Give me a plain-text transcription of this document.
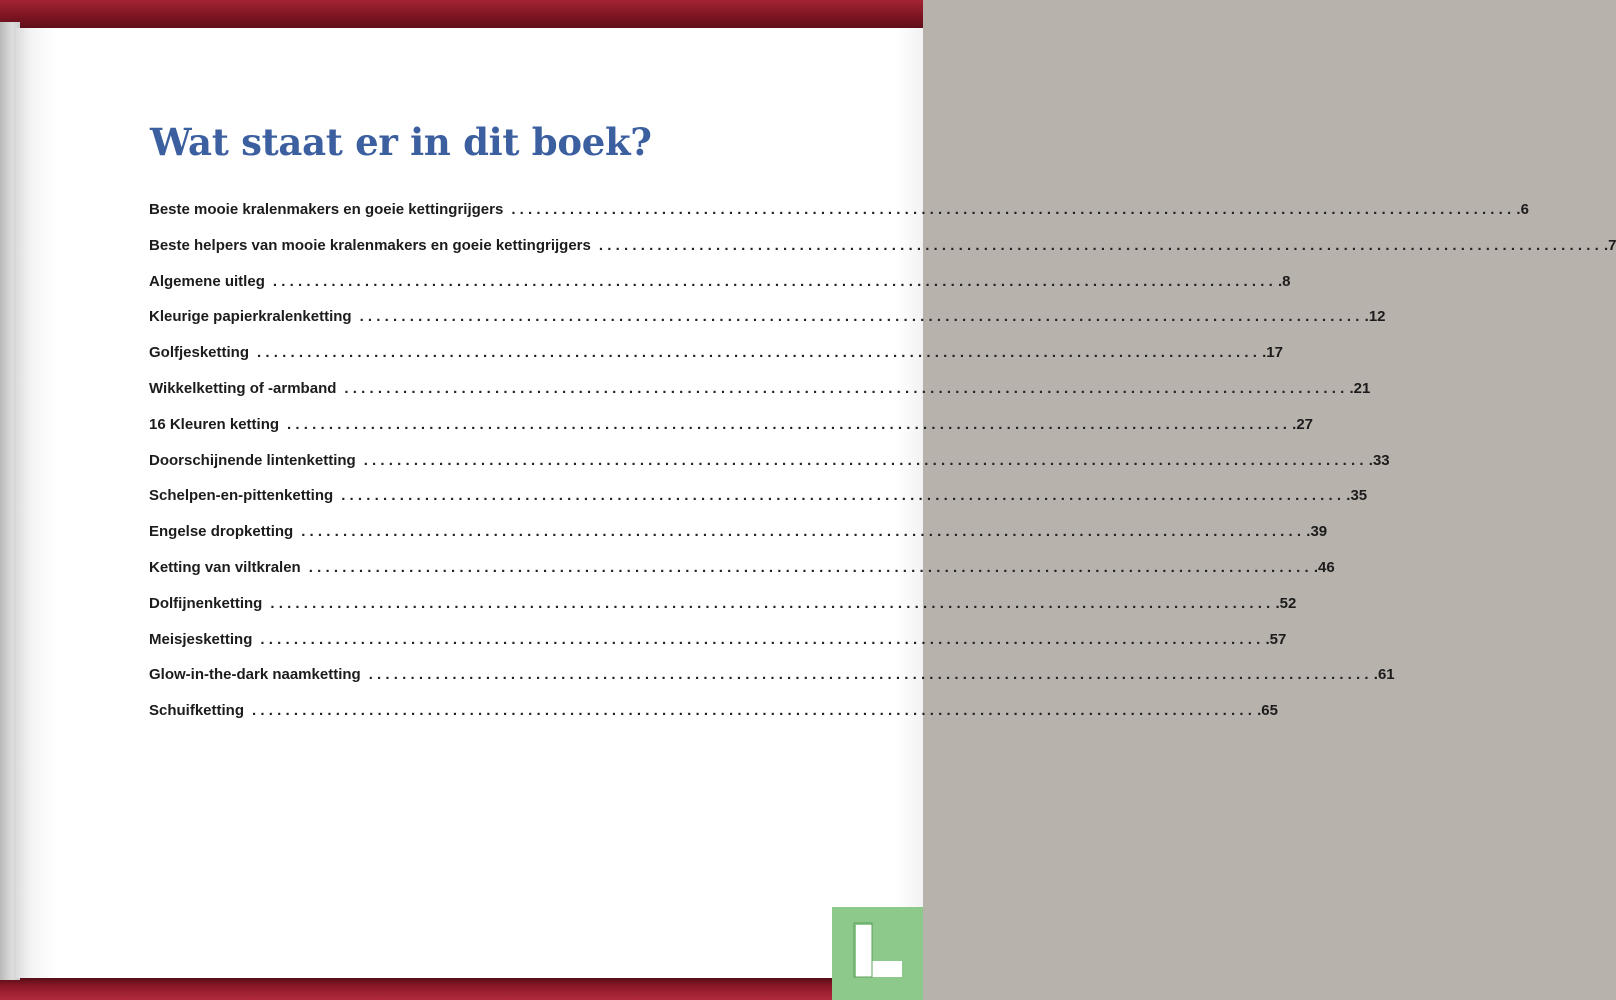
Wat staat er in dit boek?
Beste mooie kralenmakers en goeie kettingrijgers ........................................................................................................................ .6
Beste helpers van mooie kralenmakers en goeie kettingrijgers ........................................................................................................................ .7
Algemene uitleg ........................................................................................................................ .8
Kleurige papierkralenketting ........................................................................................................................ .12
Golfjesketting ........................................................................................................................ .17
Wikkelketting of -armband ........................................................................................................................ .21
16 Kleuren ketting ........................................................................................................................ .27
Doorschijnende lintenketting ........................................................................................................................ .33
Schelpen-en-pittenketting ........................................................................................................................ .35
Engelse dropketting ........................................................................................................................ .39
Ketting van viltkralen ........................................................................................................................ .46
Dolfijnenketting ........................................................................................................................ .52
Meisjesketting ........................................................................................................................ .57
Glow-in-the-dark naamketting ........................................................................................................................ .61
Schuifketting ........................................................................................................................ .65
